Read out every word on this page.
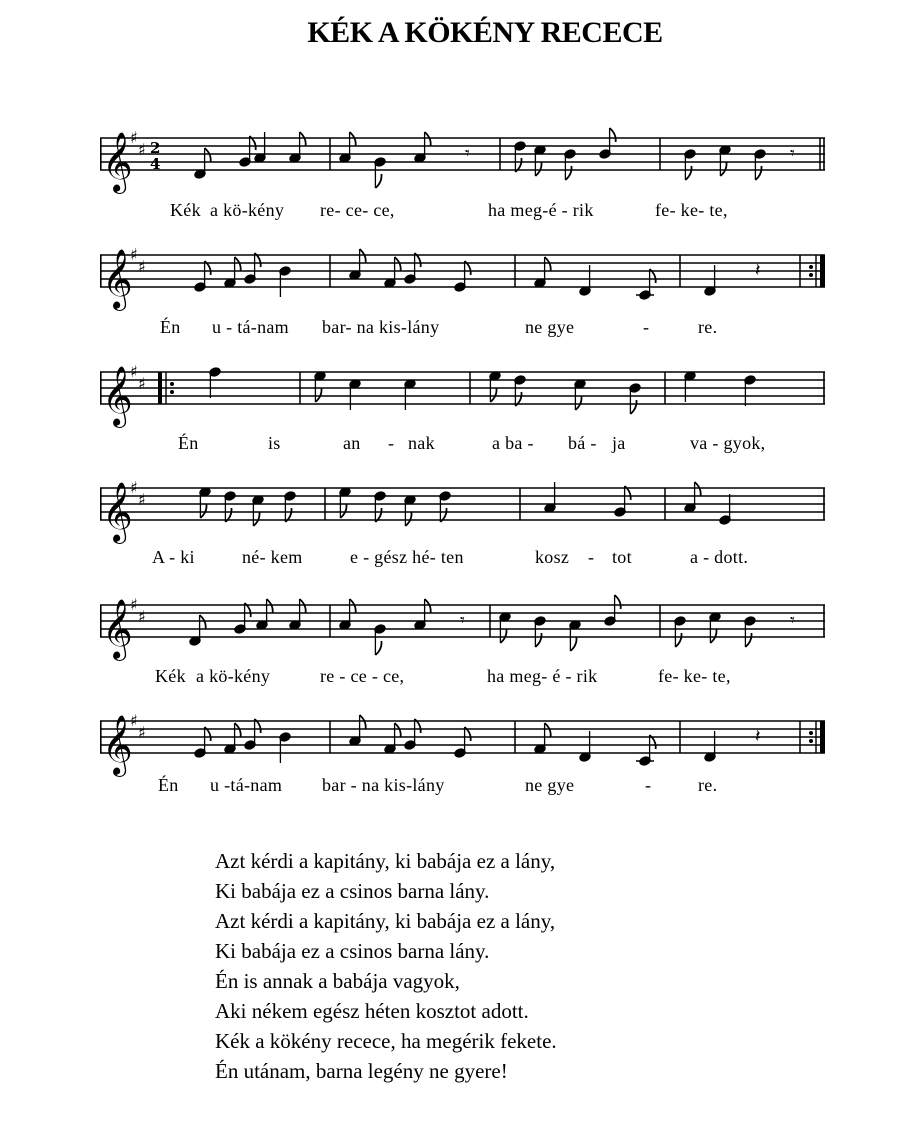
KÉK A KÖKÉNY RECECE
𝄞
♯
♯ 2
4
𝄾	𝄾
𝄞
♯
♯	𝄽
𝄞
♯
♯
𝄞
♯
♯
𝄞
♯
♯	𝄾	𝄾
𝄞
♯
♯	𝄽
Kék a kö-kény re- ce- ce,	ha meg-é - rik	fe- ke- te,
Én u - tá-nam bar- na kis-lány	ne gye	-	re.
Én	is	an - nak	a ba - bá - ja	va - gyok,
A - ki	né- kem	e - gész hé- ten	kosz - tot	a - dott.
Kék a kö-kény	re - ce - ce,	ha meg- é - rik	fe- ke- te,
Én u -tá-nam bar - na kis-lány	ne gye	-	re.
Azt kérdi a kapitány, ki babája ez a lány,
Ki babája ez a csinos barna lány.
Azt kérdi a kapitány, ki babája ez a lány,
Ki babája ez a csinos barna lány.
Én is annak a babája vagyok,
Aki nékem egész héten kosztot adott.
Kék a kökény recece, ha megérik fekete.
Én utánam, barna legény ne gyere!
